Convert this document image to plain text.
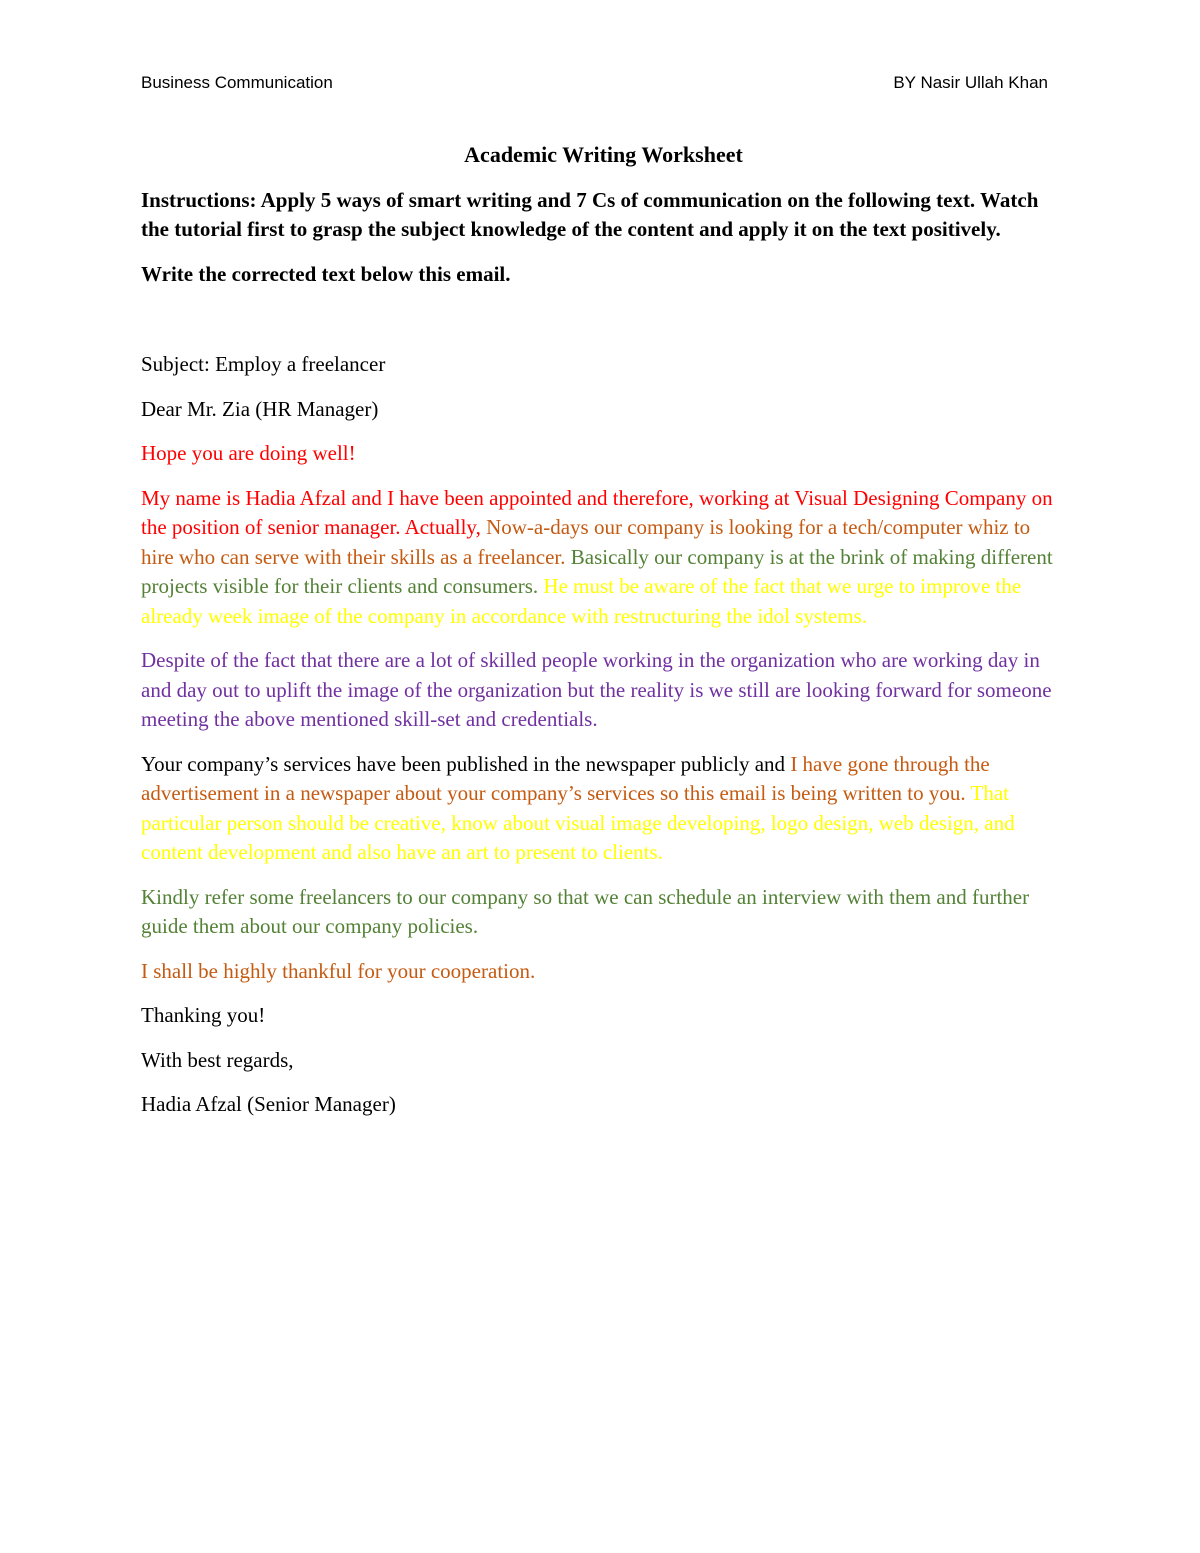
Business Communication	BY Nasir Ullah Khan

Academic Writing Worksheet

Instructions: Apply 5 ways of smart writing and 7 Cs of communication on the following text. Watch the tutorial first to grasp the subject knowledge of the content and apply it on the text positively.

Write the corrected text below this email.

Subject: Employ a freelancer

Dear Mr. Zia (HR Manager)

Hope you are doing well!

My name is Hadia Afzal and I have been appointed and therefore, working at Visual Designing Company on the position of senior manager. Actually, Now-a-days our company is looking for a tech/computer whiz to hire who can serve with their skills as a freelancer. Basically our company is at the brink of making different projects visible for their clients and consumers. He must be aware of the fact that we urge to improve the already week image of the company in accordance with restructuring the idol systems.

Despite of the fact that there are a lot of skilled people working in the organization who are working day in and day out to uplift the image of the organization but the reality is we still are looking forward for someone meeting the above mentioned skill-set and credentials.

Your company’s services have been published in the newspaper publicly and I have gone through the advertisement in a newspaper about your company’s services so this email is being written to you. That particular person should be creative, know about visual image developing, logo design, web design, and content development and also have an art to present to clients.

Kindly refer some freelancers to our company so that we can schedule an interview with them and further guide them about our company policies.

I shall be highly thankful for your cooperation.

Thanking you!

With best regards,

Hadia Afzal (Senior Manager)
